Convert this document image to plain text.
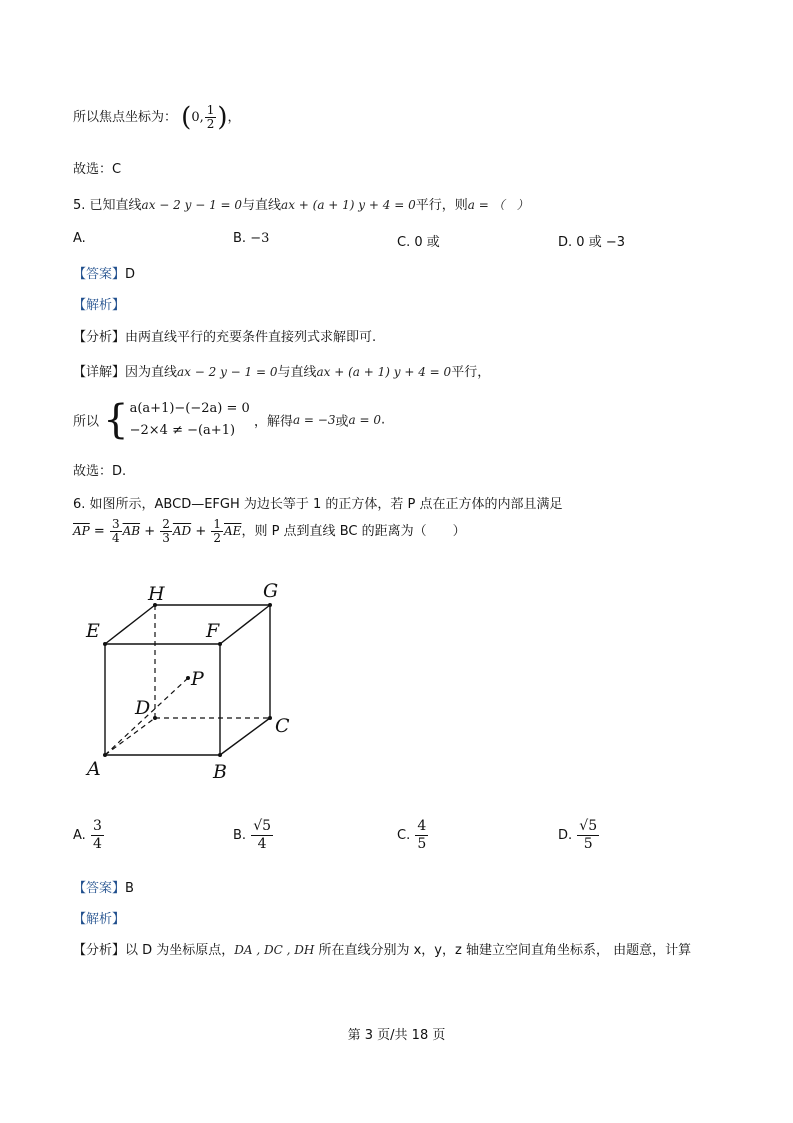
所以焦点坐标为： (0, $\frac{1}{2}$ )，
故选：C
5. 已知直线ax − 2 y − 1 = 0与直线ax + (a + 1) y + 4 = 0平行，则a = （　）
A.	B. −3	C. 0 或	D. 0 或 −3
【答案】D
【解析】
【分析】由两直线平行的充要条件直接列式求解即可.
【详解】因为直线ax − 2 y − 1 = 0与直线ax + (a + 1) y + 4 = 0平行，
所以 { a(a+1)−(−2a) = 0
−2×4 ≠ −(a+1)
，解得a = −3或a = 0.
故选：D.
6. 如图所示，ABCD—EFGH 为边长等于 1 的正方体，若 P 点在正方体的内部且满足
$\overline{AP} = \frac{3}{4} \overline{AB} + \frac{2}{3} \overline{AD} + \frac{1}{2} \overline{AE}$，则 P 点到直线 BC 的距离为（　　）
H	G
E	F
P
D
C
A	B
A. $\frac{3}{4}$	B. $\frac{√5}{4}$	C. $\frac{4}{5}$	D. $\frac{√5}{5}$
【答案】B
【解析】
【分析】以 D 为坐标原点，DA , DC , DH 所在直线分别为 x，y，z 轴建立空间直角坐标系， 由题意，计算
第 3 页/共 18 页
